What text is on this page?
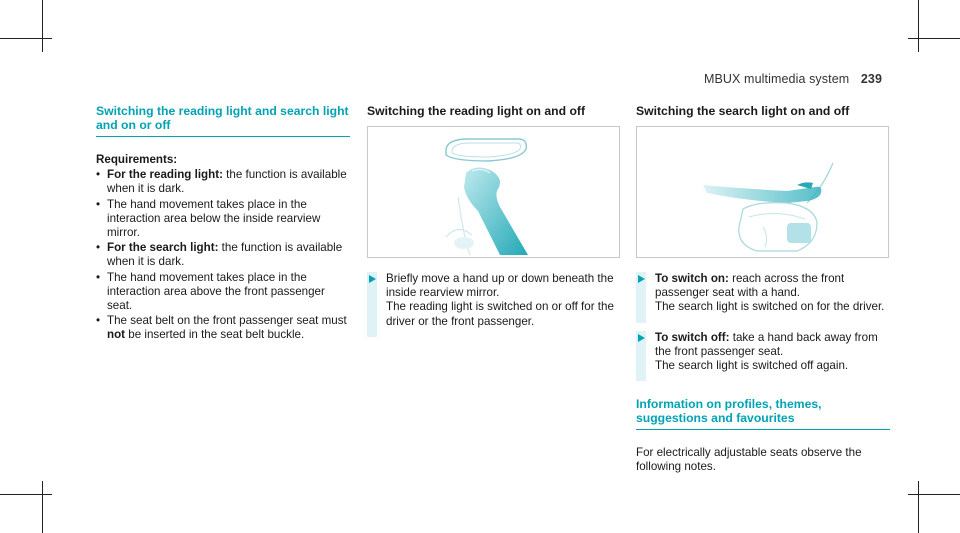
MBUX multimedia system 239
Switching the reading light and search light and on or off
Requirements:
• For the reading light: the function is available when it is dark.
• The hand movement takes place in the interaction area below the inside rearview mirror.
• For the search light: the function is available when it is dark.
• The hand movement takes place in the interaction area above the front passenger seat.
• The seat belt on the front passenger seat must not be inserted in the seat belt buckle.
Switching the reading light on and off
Briefly move a hand up or down beneath the inside rearview mirror.
The reading light is switched on or off for the driver or the front passenger.
Switching the search light on and off
To switch on: reach across the front passenger seat with a hand.
The search light is switched on for the driver.
To switch off: take a hand back away from the front passenger seat.
The search light is switched off again.
Information on profiles, themes, suggestions and favourites
For electrically adjustable seats observe the following notes.
